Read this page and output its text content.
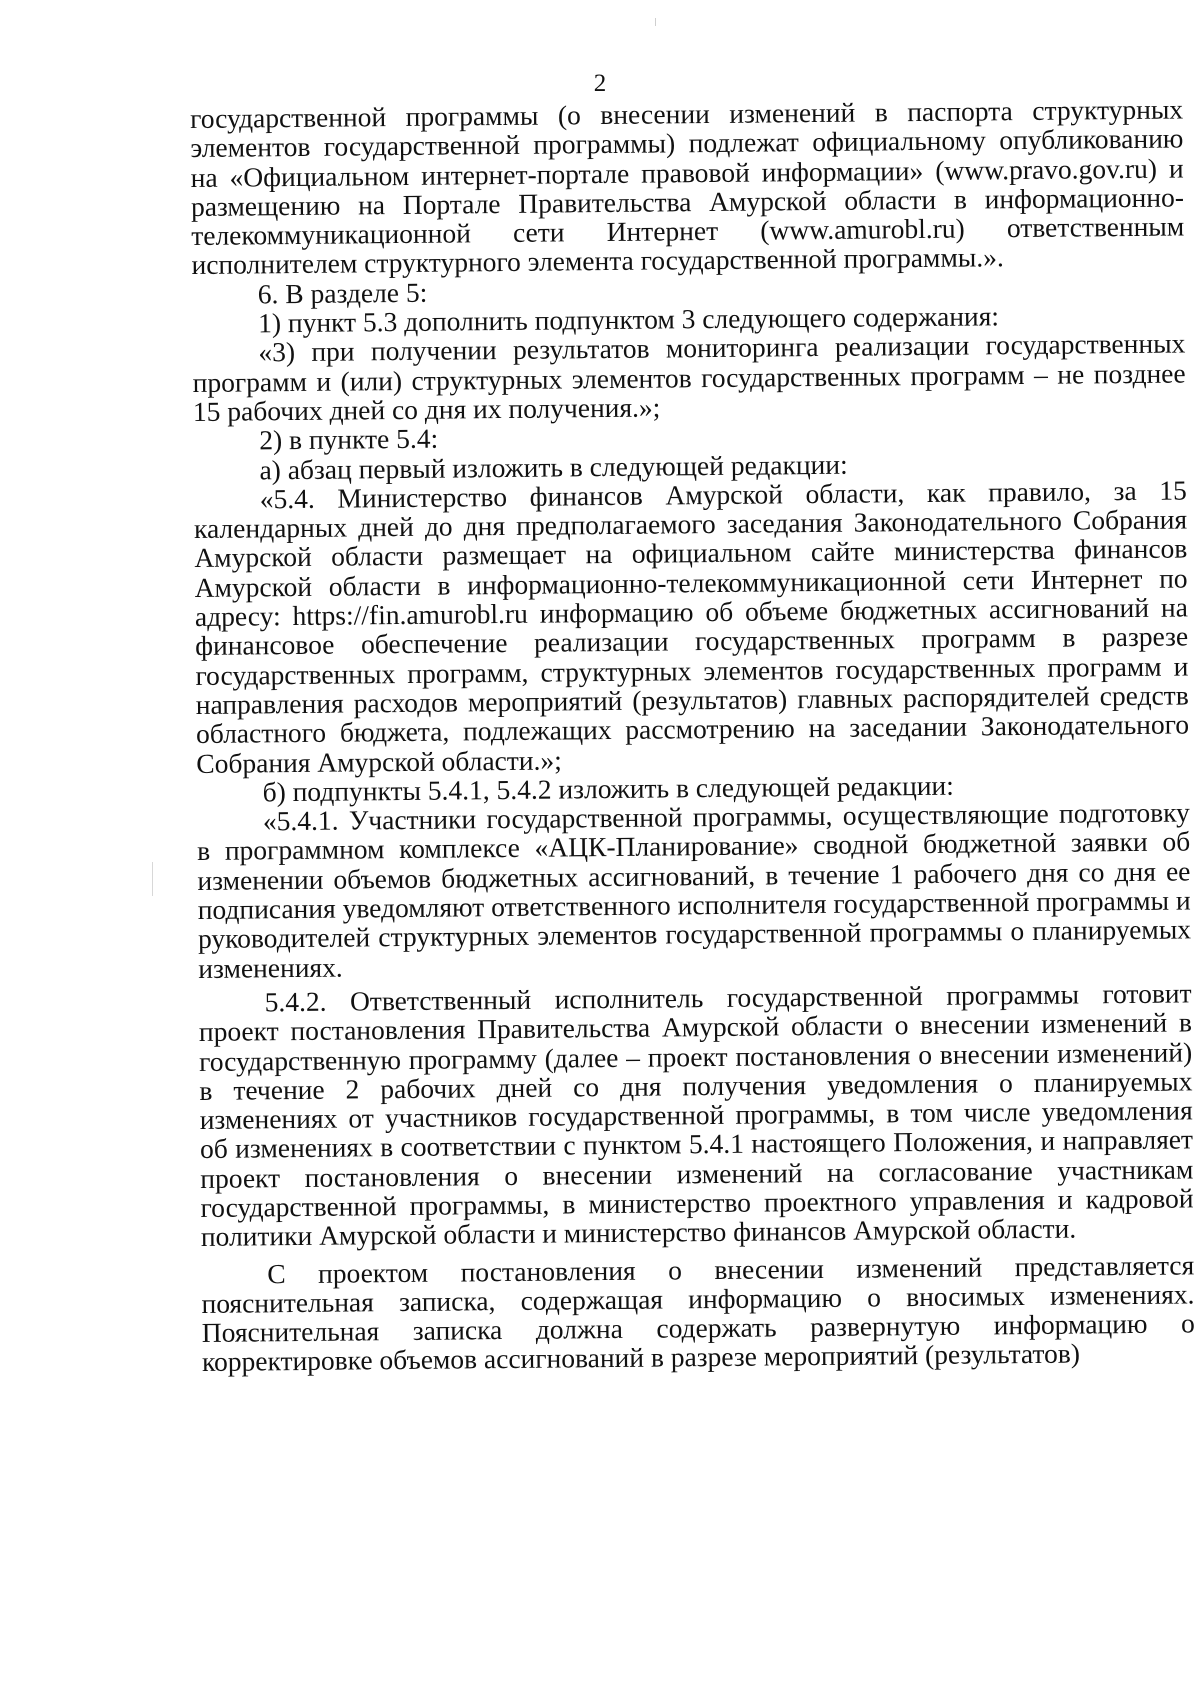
2

государственной программы (о внесении изменений в паспорта структурных элементов государственной программы) подлежат официальному опубликованию на «Официальном интернет-портале правовой информации» (www.pravo.gov.ru) и размещению на Портале Правительства Амурской области в информационно-телекоммуникационной сети Интернет (www.amurobl.ru) ответственным исполнителем структурного элемента государственной программы.».

6. В разделе 5:

1) пункт 5.3 дополнить подпунктом 3 следующего содержания:

«3) при получении результатов мониторинга реализации государственных программ и (или) структурных элементов государственных программ – не позднее 15 рабочих дней со дня их получения.»;

2) в пункте 5.4:

а) абзац первый изложить в следующей редакции:

«5.4. Министерство финансов Амурской области, как правило, за 15 календарных дней до дня предполагаемого заседания Законодательного Собрания Амурской области размещает на официальном сайте министерства финансов Амурской области в информационно-телекоммуникационной сети Интернет по адресу: https://fin.amurobl.ru информацию об объеме бюджетных ассигнований на финансовое обеспечение реализации государственных программ в разрезе государственных программ, структурных элементов государственных программ и направления расходов мероприятий (результатов) главных распорядителей средств областного бюджета, подлежащих рассмотрению на заседании Законодательного Собрания Амурской области.»;

б) подпункты 5.4.1, 5.4.2 изложить в следующей редакции:

«5.4.1. Участники государственной программы, осуществляющие подготовку в программном комплексе «АЦК-Планирование» сводной бюджетной заявки об изменении объемов бюджетных ассигнований, в течение 1 рабочего дня со дня ее подписания уведомляют ответственного исполнителя государственной программы и руководителей структурных элементов государственной программы о планируемых изменениях.

5.4.2. Ответственный исполнитель государственной программы готовит проект постановления Правительства Амурской области о внесении изменений в государственную программу (далее – проект постановления о внесении изменений) в течение 2 рабочих дней со дня получения уведомления о планируемых изменениях от участников государственной программы, в том числе уведомления об изменениях в соответствии с пунктом 5.4.1 настоящего Положения, и направляет проект постановления о внесении изменений на согласование участникам государственной программы, в министерство проектного управления и кадровой политики Амурской области и министерство финансов Амурской области.

С проектом постановления о внесении изменений представляется пояснительная записка, содержащая информацию о вносимых изменениях. Пояснительная записка должна содержать развернутую информацию о корректировке объемов ассигнований в разрезе мероприятий (результатов)
